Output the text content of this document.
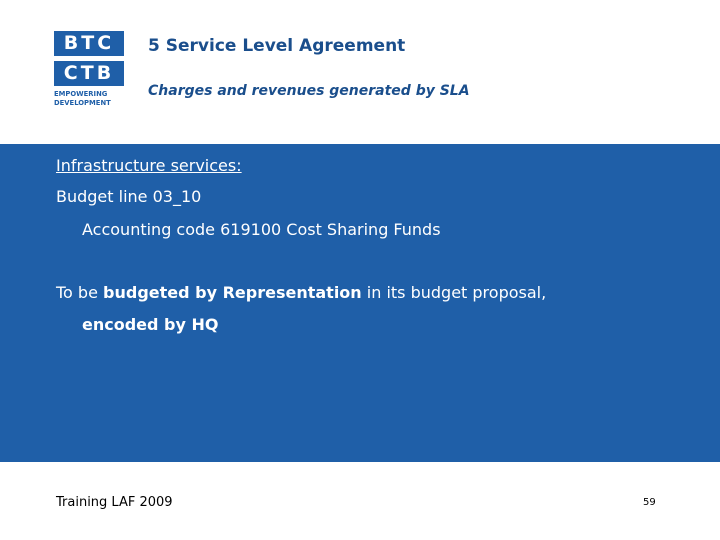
BTC
CTB
EMPOWERING
DEVELOPMENT
5 Service Level Agreement
Charges and revenues generated by SLA
Infrastructure services:
Budget line 03_10
Accounting code 619100 Cost Sharing Funds
To be budgeted by Representation in its budget proposal,
encoded by HQ
Training LAF 2009	59
